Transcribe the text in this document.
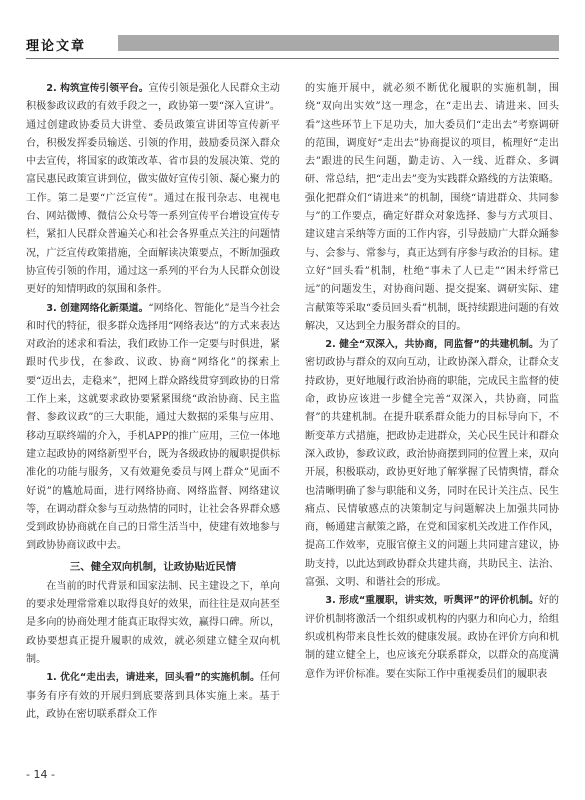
理论文章

2. 构筑宣传引领平台。宣传引领是强化人民群众主动积极参政议政的有效手段之一，政协第一要“深入宣讲”。通过创建政协委员大讲堂、委员政策宣讲团等宣传新平台，积极发挥委员输送、引领的作用，鼓励委员深入群众中去宣传，将国家的政策改革、省市县的发展决策、党的富民惠民政策宣讲到位，做实做好宣传引领、凝心聚力的工作。第二是要“广泛宣传”。通过在报刊杂志、电视电台、网站微博、微信公众号等一系列宣传平台增设宣传专栏，紧扣人民群众普遍关心和社会各界重点关注的问题情况，广泛宣传政策措施，全面解读决策要点，不断加强政协宣传引领的作用，通过这一系列的平台为人民群众创设更好的知情明政的氛围和条件。

3. 创建网络化新渠道。“网络化、智能化”是当今社会和时代的特征，很多群众选择用“网络表达”的方式来表达对政治的述求和看法，我们政协工作一定要与时俱进，紧跟时代步伐，在参政、议政、协商“网络化”的探索上要“迈出去，走稳来”，把网上群众路线贯穿到政协的日常工作上来，这就要求政协要紧紧围绕“政治协商、民主监督、参政议政”的三大职能，通过大数据的采集与应用、移动互联终端的介入，手机APP的推广应用，三位一体地建立起政协的网络新型平台，既为各级政协的履职提供标准化的功能与服务，又有效避免委员与网上群众“见面不好说”的尴尬局面，进行网络协商、网络监督、网络建议等，在调动群众参与互动热情的同时，让社会各界群众感受到政协协商就在自己的日常生活当中，使建有效地参与到政协协商议政中去。

三、健全双向机制，让政协贴近民情

在当前的时代背景和国家法制、民主建设之下，单向的要求处理常常难以取得良好的效果，而往往是双向甚至是多向的协商处理才能真正取得实效，赢得口碑。所以，政协要想真正提升履职的成效，就必须建立健全双向机制。

1. 优化“走出去，请进来，回头看”的实施机制。任何事务有序有效的开展归到底要落到具体实施上来。基于此，政协在密切联系群众工作

的实施开展中，就必须不断优化履职的实施机制，围绕“双向出实效”这一理念，在“走出去、请进来、回头看”这些环节上下足功夫，加大委员们“走出去”考察调研的范围，调度好“走出去”协商提议的项目，梳理好“走出去”跟进的民生问题，勤走访、入一线、近群众、多调研、常总结，把“走出去”变为实践群众路线的方法策略。强化把群众们“请进来”的机制，围绕“请进群众、共同参与”的工作要点，确定好群众对象选择、参与方式项目、建议建言采纳等方面的工作内容，引导鼓励广大群众踊参与、会参与、常参与，真正达到有序参与政治的目标。建立好“回头看”机制，杜绝“事未了人已走”“困未纾常已远”的问题发生，对协商问题、提交提案、调研实际、建言献策等采取“委员回头看”机制，既持续跟进问题的有效解决，又达到全力服务群众的目的。

2. 健全“双深入，共协商，同监督”的共建机制。为了密切政协与群众的双向互动，让政协深入群众，让群众支持政协，更好地履行政治协商的职能，完成民主监督的使命，政协应该进一步健全完善“双深入，共协商，同监督”的共建机制。在提升联系群众能力的目标导向下，不断变革方式措施，把政协走进群众，关心民生民计和群众深入政协，参政议政，政治协商摆到同的位置上来，双向开展，积极联动，政协更好地了解掌握了民情舆情，群众也清晰明确了参与职能和义务，同时在民计关注点、民生痛点、民情敏感点的决策制定与问题解决上加强共同协商，畅通建言献策之路，在党和国家机关改进工作作风，提高工作效率，克服官僚主义的问题上共同建言建议，协助支持，以此达到政协群众共建共商，共助民主、法治、富强、文明、和谐社会的形成。

3. 形成“重履职，讲实效，听舆评”的评价机制。好的评价机制将激活一个组织或机构的内驱力和向心力，给组织或机构带来良性长效的健康发展。政协在评价方向和机制的建立健全上，也应该充分联系群众，以群众的高度满意作为评价标准。要在实际工作中重视委员们的履职表

- 14 -
